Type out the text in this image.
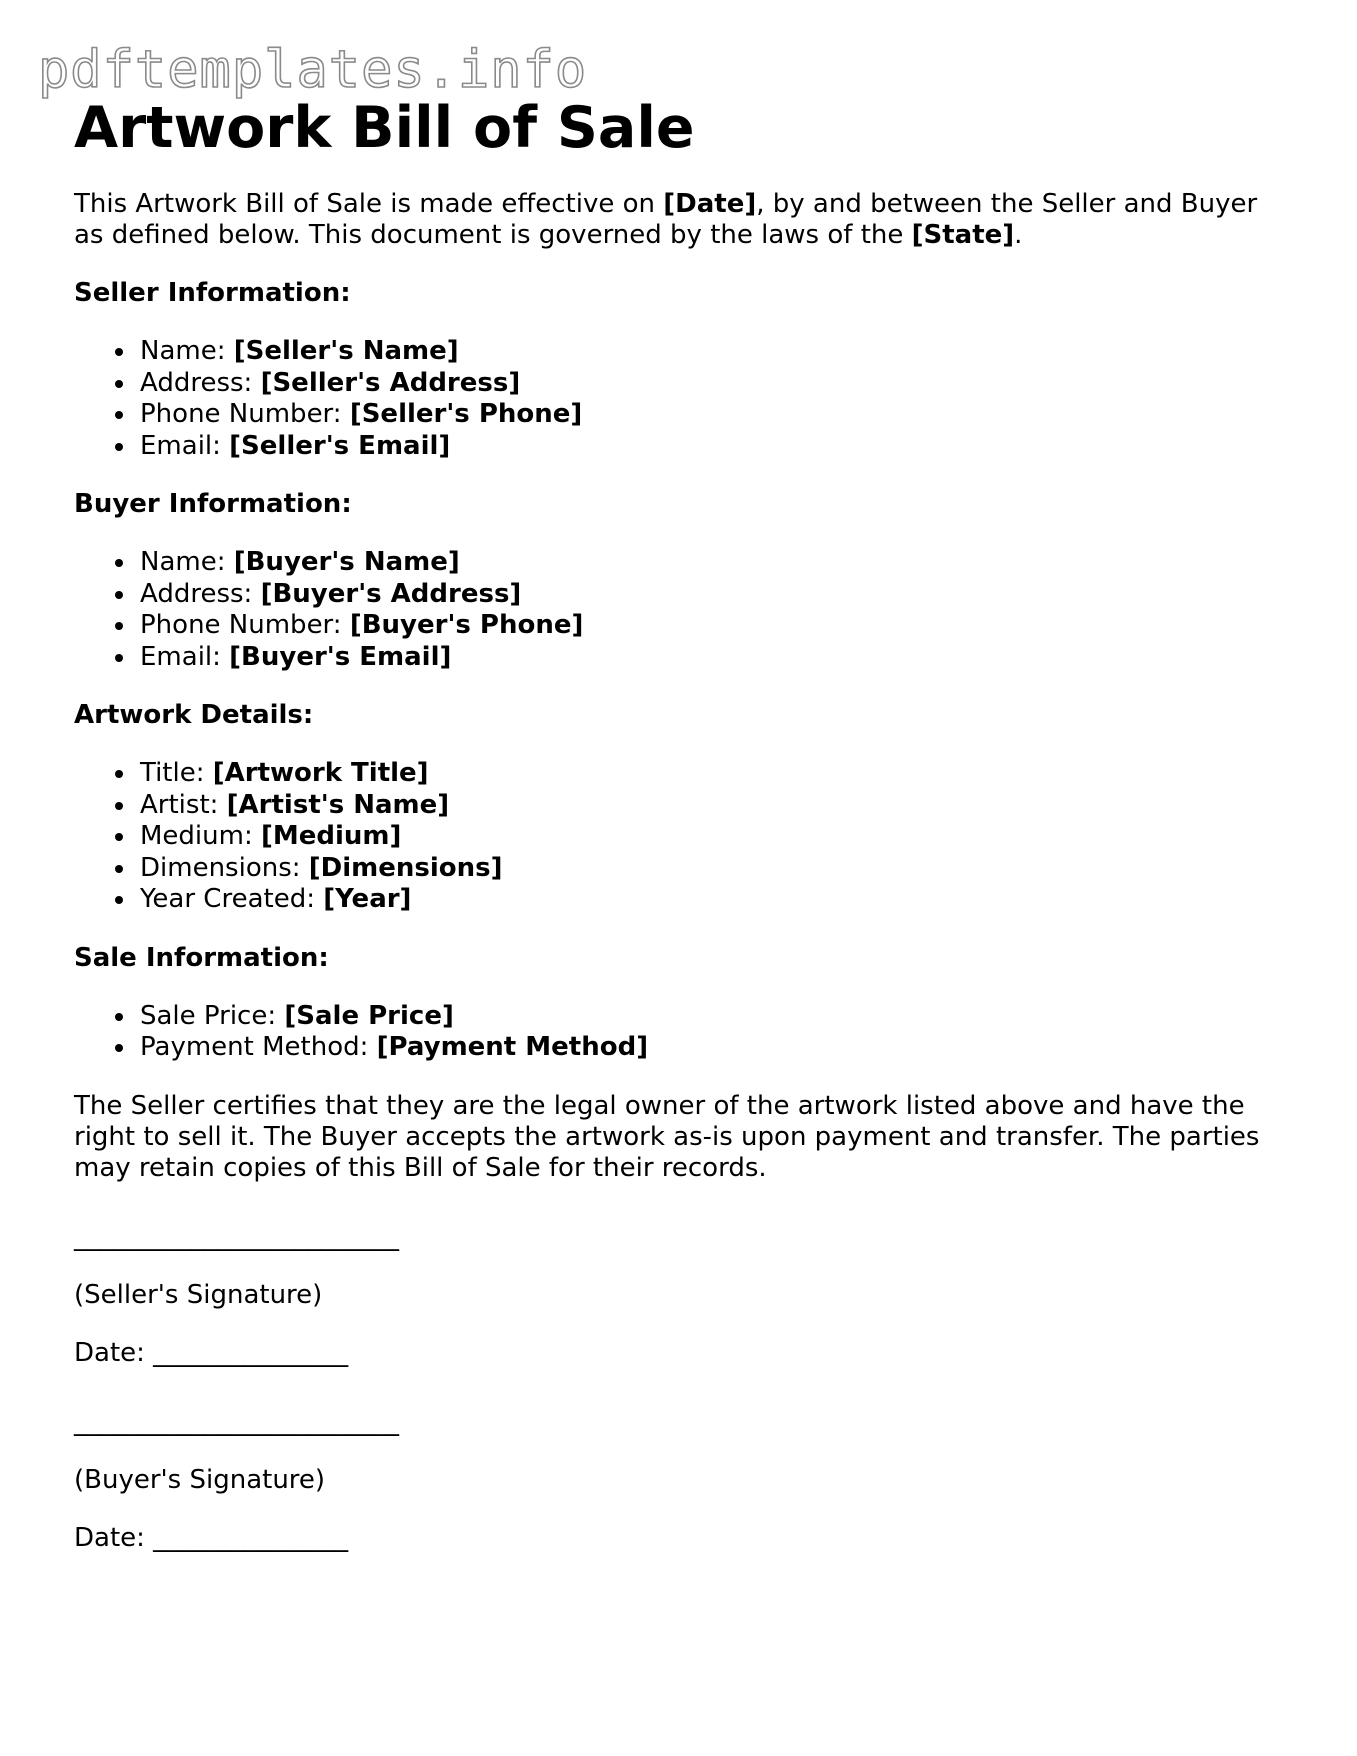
pdftemplates.info
Artwork Bill of Sale

This Artwork Bill of Sale is made effective on [Date], by and between the Seller and Buyer as defined below. This document is governed by the laws of the [State].

Seller Information:
Name: [Seller's Name]
Address: [Seller's Address]
Phone Number: [Seller's Phone]
Email: [Seller's Email]
Buyer Information:
Name: [Buyer's Name]
Address: [Buyer's Address]
Phone Number: [Buyer's Phone]
Email: [Buyer's Email]
Artwork Details:
Title: [Artwork Title]
Artist: [Artist's Name]
Medium: [Medium]
Dimensions: [Dimensions]
Year Created: [Year]
Sale Information:
Sale Price: [Sale Price]
Payment Method: [Payment Method]

The Seller certifies that they are the legal owner of the artwork listed above and have the right to sell it. The Buyer accepts the artwork as-is upon payment and transfer. The parties may retain copies of this Bill of Sale for their records.

_________________________
(Seller's Signature)
Date: _______________
_________________________
(Buyer's Signature)
Date: _______________
